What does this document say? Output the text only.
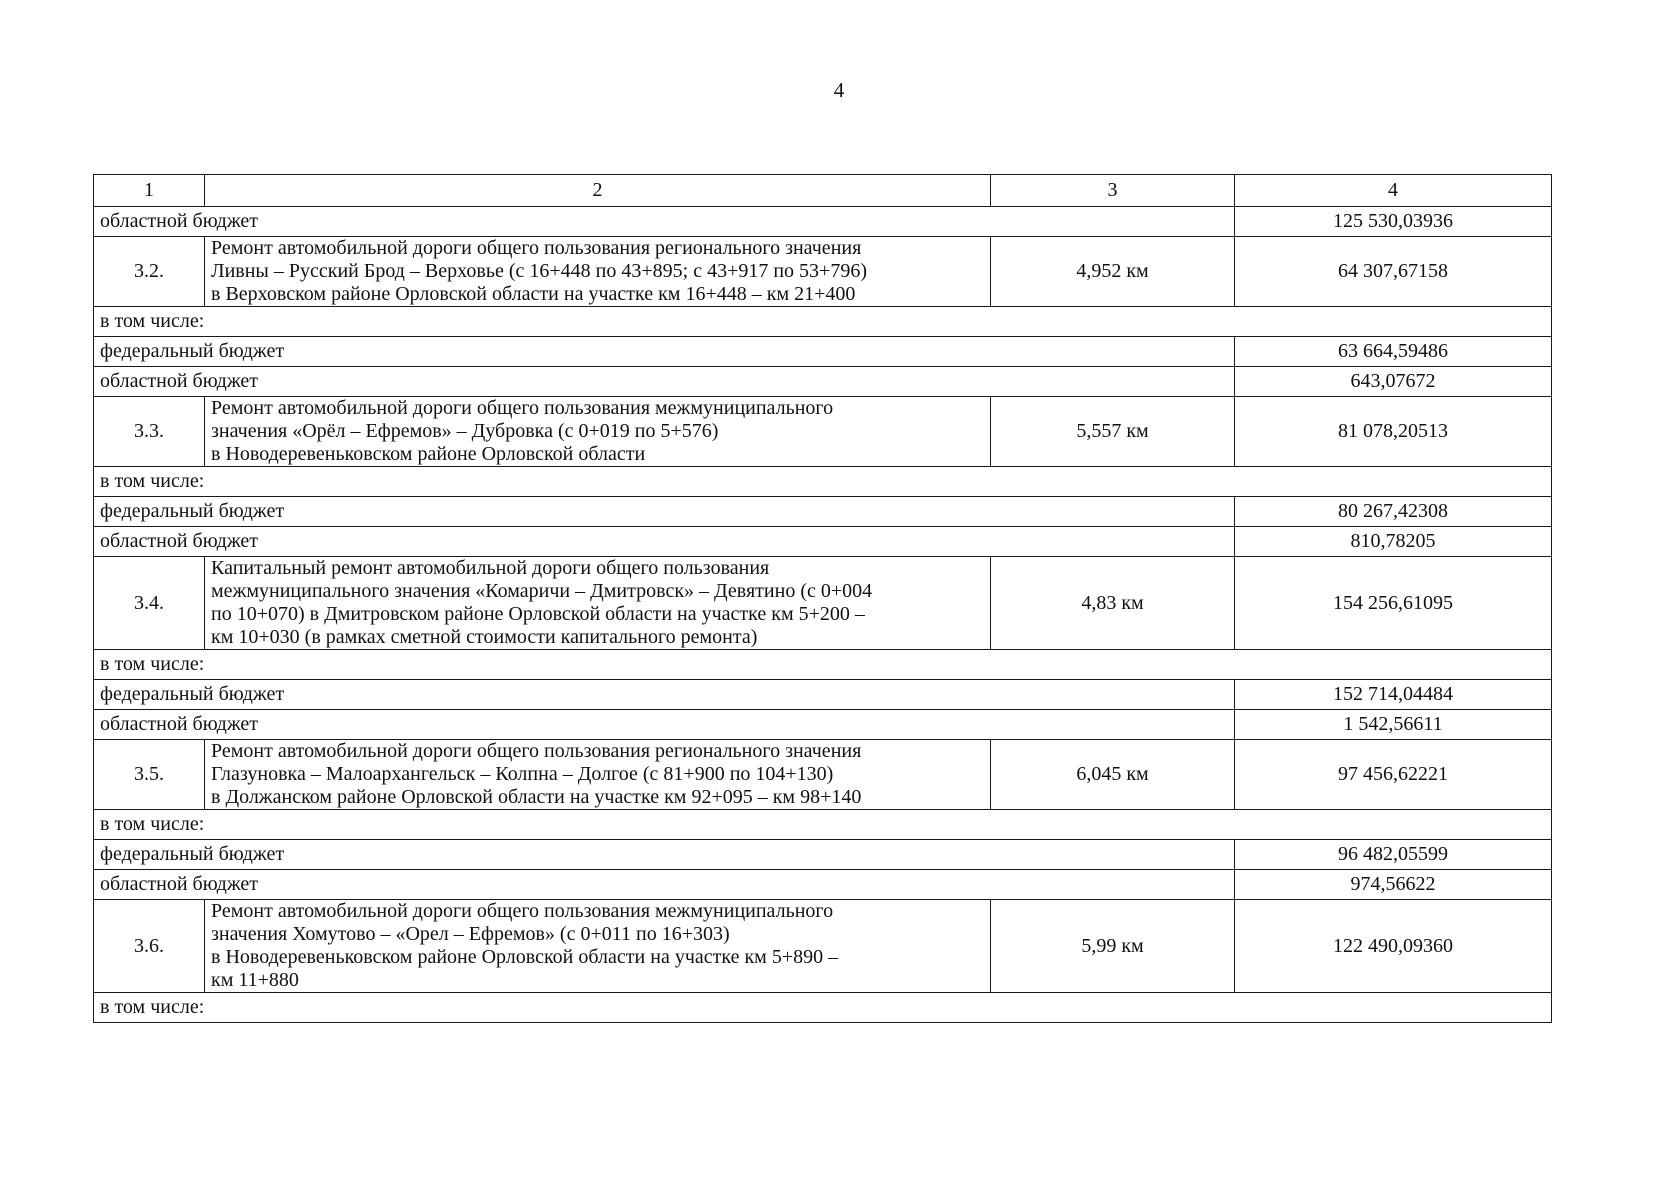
4
1	2	3	4
областной бюджет			125 530,03936
3.2.	Ремонт автомобильной дороги общего пользования регионального значения
Ливны – Русский Брод – Верховье (с 16+448 по 43+895; с 43+917 по 53+796)
в Верховском районе Орловской области на участке км 16+448 – км 21+400	4,952 км	64 307,67158
в том числе:			
федеральный бюджет			63 664,59486
областной бюджет			643,07672
3.3.	Ремонт автомобильной дороги общего пользования межмуниципального
значения «Орёл – Ефремов» – Дубровка (с 0+019 по 5+576)
в Новодеревеньковском районе Орловской области	5,557 км	81 078,20513
в том числе:			
федеральный бюджет			80 267,42308
областной бюджет			810,78205
3.4.	Капитальный ремонт автомобильной дороги общего пользования
межмуниципального значения «Комаричи – Дмитровск» – Девятино (с 0+004
по 10+070) в Дмитровском районе Орловской области на участке км 5+200 –
км 10+030 (в рамках сметной стоимости капитального ремонта)	4,83 км	154 256,61095
в том числе:			
федеральный бюджет			152 714,04484
областной бюджет			1 542,56611
3.5.	Ремонт автомобильной дороги общего пользования регионального значения
Глазуновка – Малоархангельск – Колпна – Долгое (с 81+900 по 104+130)
в Должанском районе Орловской области на участке км 92+095 – км 98+140	6,045 км	97 456,62221
в том числе:			
федеральный бюджет			96 482,05599
областной бюджет			974,56622
3.6.	Ремонт автомобильной дороги общего пользования межмуниципального
значения Хомутово – «Орел – Ефремов» (с 0+011 по 16+303)
в Новодеревеньковском районе Орловской области на участке км 5+890 –
км 11+880	5,99 км	122 490,09360
в том числе:			
